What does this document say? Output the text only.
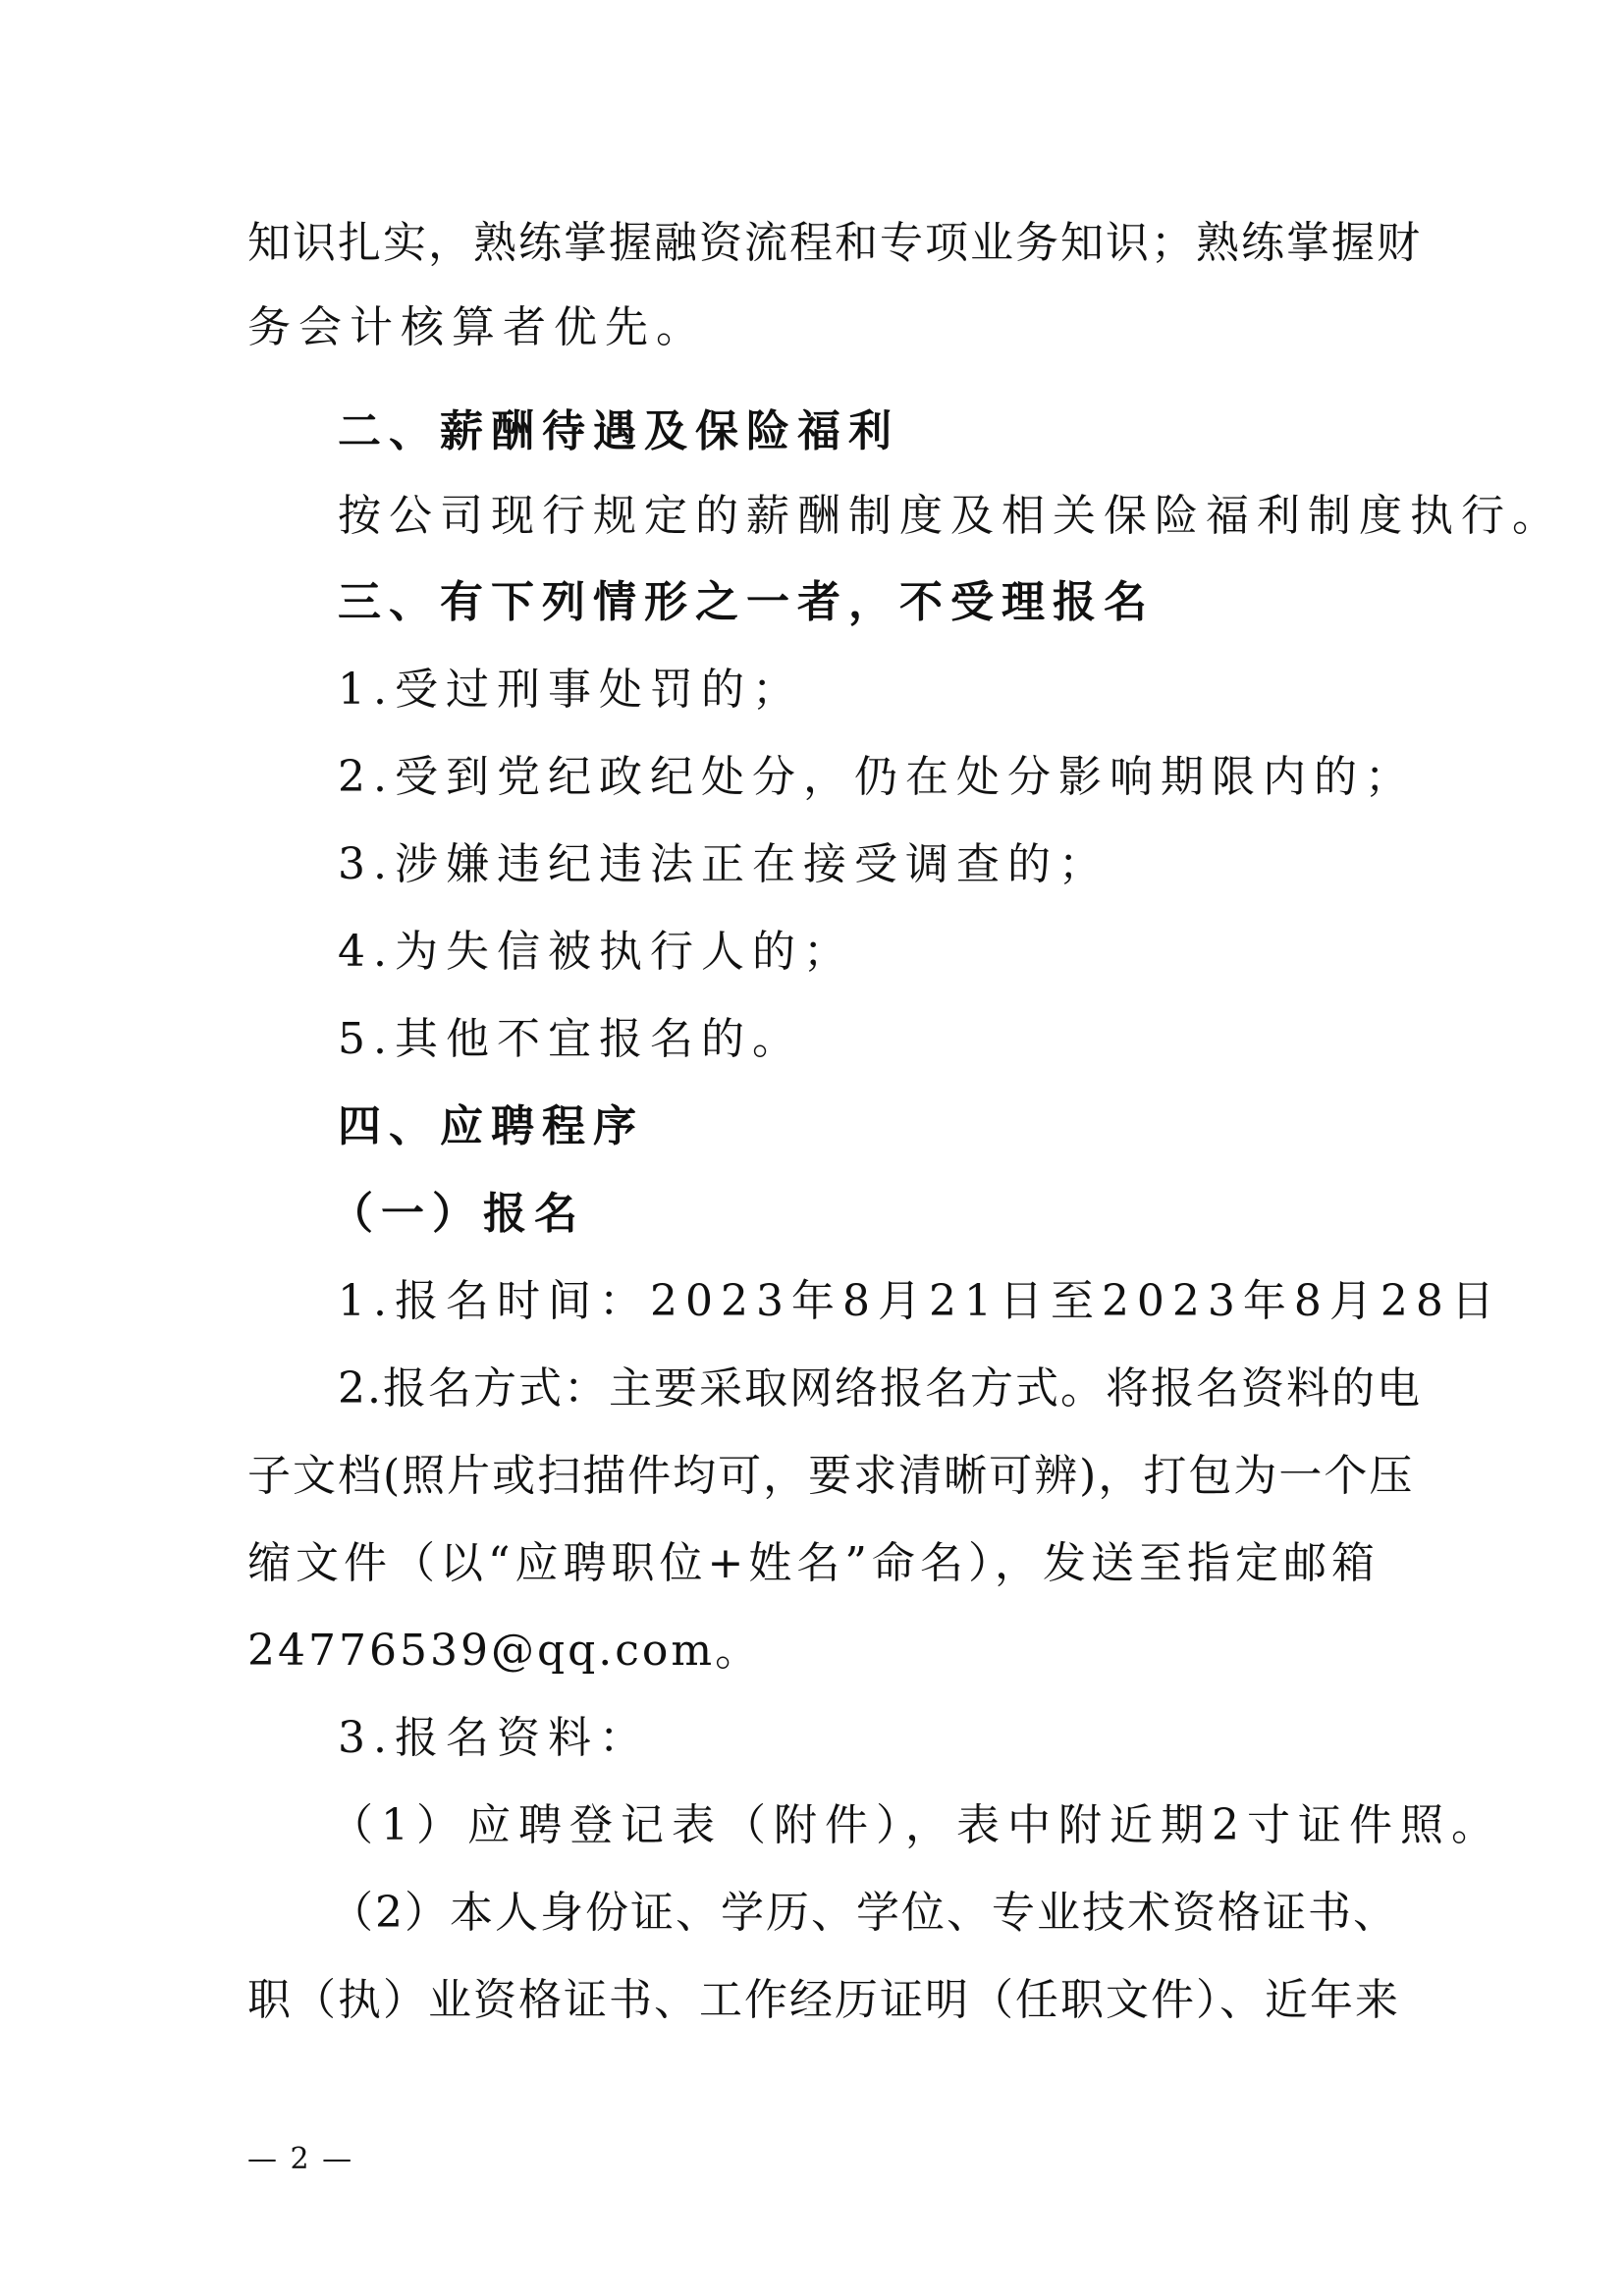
知识扎实，熟练掌握融资流程和专项业务知识；熟练掌握财
务会计核算者优先。
二、薪酬待遇及保险福利
按公司现行规定的薪酬制度及相关保险福利制度执行。
三、有下列情形之一者，不受理报名
1.受过刑事处罚的；
2.受到党纪政纪处分，仍在处分影响期限内的；
3.涉嫌违纪违法正在接受调查的；
4.为失信被执行人的；
5.其他不宜报名的。
四、应聘程序
（一）报名
1.报名时间：2023年8月21日至2023年8月28日
2.报名方式：主要采取网络报名方式。将报名资料的电
子文档(照片或扫描件均可，要求清晰可辨)，打包为一个压
缩文件（以“应聘职位+姓名”命名），发送至指定邮箱
24776539@qq.com。
3.报名资料：
（1）应聘登记表（附件），表中附近期2寸证件照。
（2）本人身份证、学历、学位、专业技术资格证书、
职（执）业资格证书、工作经历证明（任职文件）、近年来
— 2 —
